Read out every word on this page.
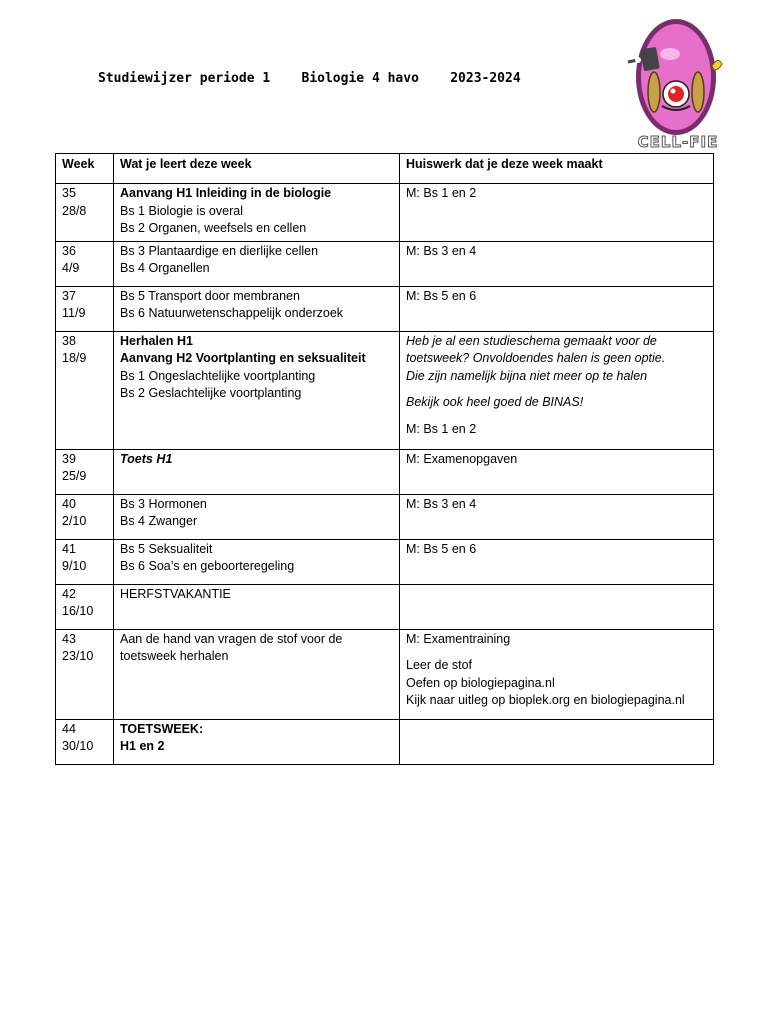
Studiewijzer periode 1 Biologie 4 havo 2023-2024
CELL-FIE
Week	Wat je leert deze week	Huiswerk dat je deze week maakt

35
28/8	Aanvang H1 Inleiding in de biologie
Bs 1 Biologie is overal
Bs 2 Organen, weefsels en cellen	M: Bs 1 en 2

36
4/9	Bs 3 Plantaardige en dierlijke cellen
Bs 4 Organellen	M: Bs 3 en 4

37
11/9	Bs 5 Transport door membranen
Bs 6 Natuurwetenschappelijk onderzoek	M: Bs 5 en 6

38
18/9	Herhalen H1
Aanvang H2 Voortplanting en seksualiteit
Bs 1 Ongeslachtelijke voortplanting
Bs 2 Geslachtelijke voortplanting	Heb je al een studieschema gemaakt voor de
toetsweek? Onvoldoendes halen is geen optie.
Die zijn namelijk bijna niet meer op te halen
Bekijk ook heel goed de BINAS!
M: Bs 1 en 2

39
25/9	Toets H1	M: Examenopgaven

40
2/10	Bs 3 Hormonen
Bs 4 Zwanger	M: Bs 3 en 4

41
9/10	Bs 5 Seksualiteit
Bs 6 Soa’s en geboorteregeling	M: Bs 5 en 6

42
16/10	HERFSTVAKANTIE	

43
23/10	Aan de hand van vragen de stof voor de
toetsweek herhalen	M: Examentraining
Leer de stof
Oefen op biologiepagina.nl
Kijk naar uitleg op bioplek.org en biologiepagina.nl

44
30/10	TOETSWEEK:
H1 en 2	
